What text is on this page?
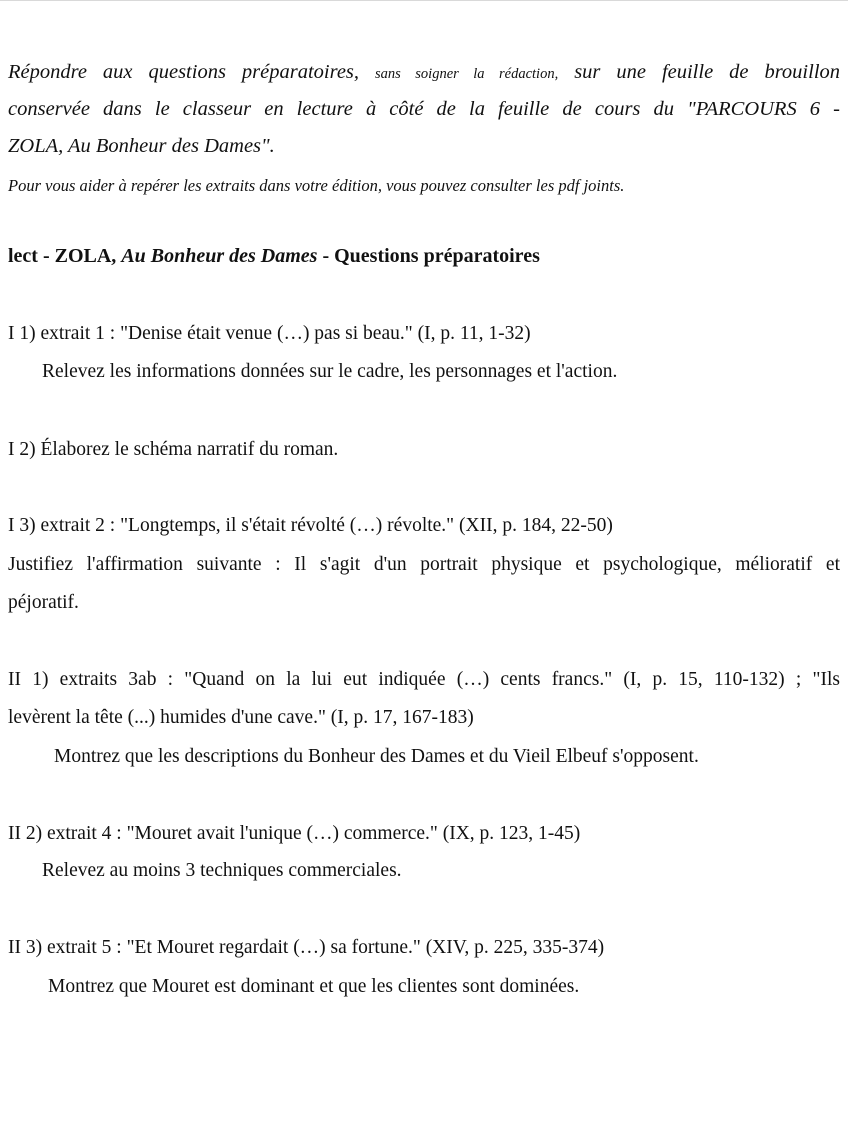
Répondre aux questions préparatoires, sans soigner la rédaction, sur une feuille de brouillon
conservée dans le classeur en lecture à côté de la feuille de cours du "PARCOURS 6 -
ZOLA, Au Bonheur des Dames".
Pour vous aider à repérer les extraits dans votre édition, vous pouvez consulter les pdf joints.
lect - ZOLA, Au Bonheur des Dames - Questions préparatoires
I 1) extrait 1 : "Denise était venue (…) pas si beau." (I, p. 11, 1-32)
Relevez les informations données sur le cadre, les personnages et l'action.
I 2) Élaborez le schéma narratif du roman.
I 3) extrait 2 : "Longtemps, il s'était révolté (…) révolte." (XII, p. 184, 22-50)
Justifiez l'affirmation suivante : Il s'agit d'un portrait physique et psychologique, mélioratif et
péjoratif.
II 1) extraits 3ab : "Quand on la lui eut indiquée (…) cents francs." (I, p. 15, 110-132) ; "Ils
levèrent la tête (...) humides d'une cave." (I, p. 17, 167-183)
Montrez que les descriptions du Bonheur des Dames et du Vieil Elbeuf s'opposent.
II 2) extrait 4 : "Mouret avait l'unique (…) commerce." (IX, p. 123, 1-45)
Relevez au moins 3 techniques commerciales.
II 3) extrait 5 : "Et Mouret regardait (…) sa fortune." (XIV, p. 225, 335-374)
Montrez que Mouret est dominant et que les clientes sont dominées.
